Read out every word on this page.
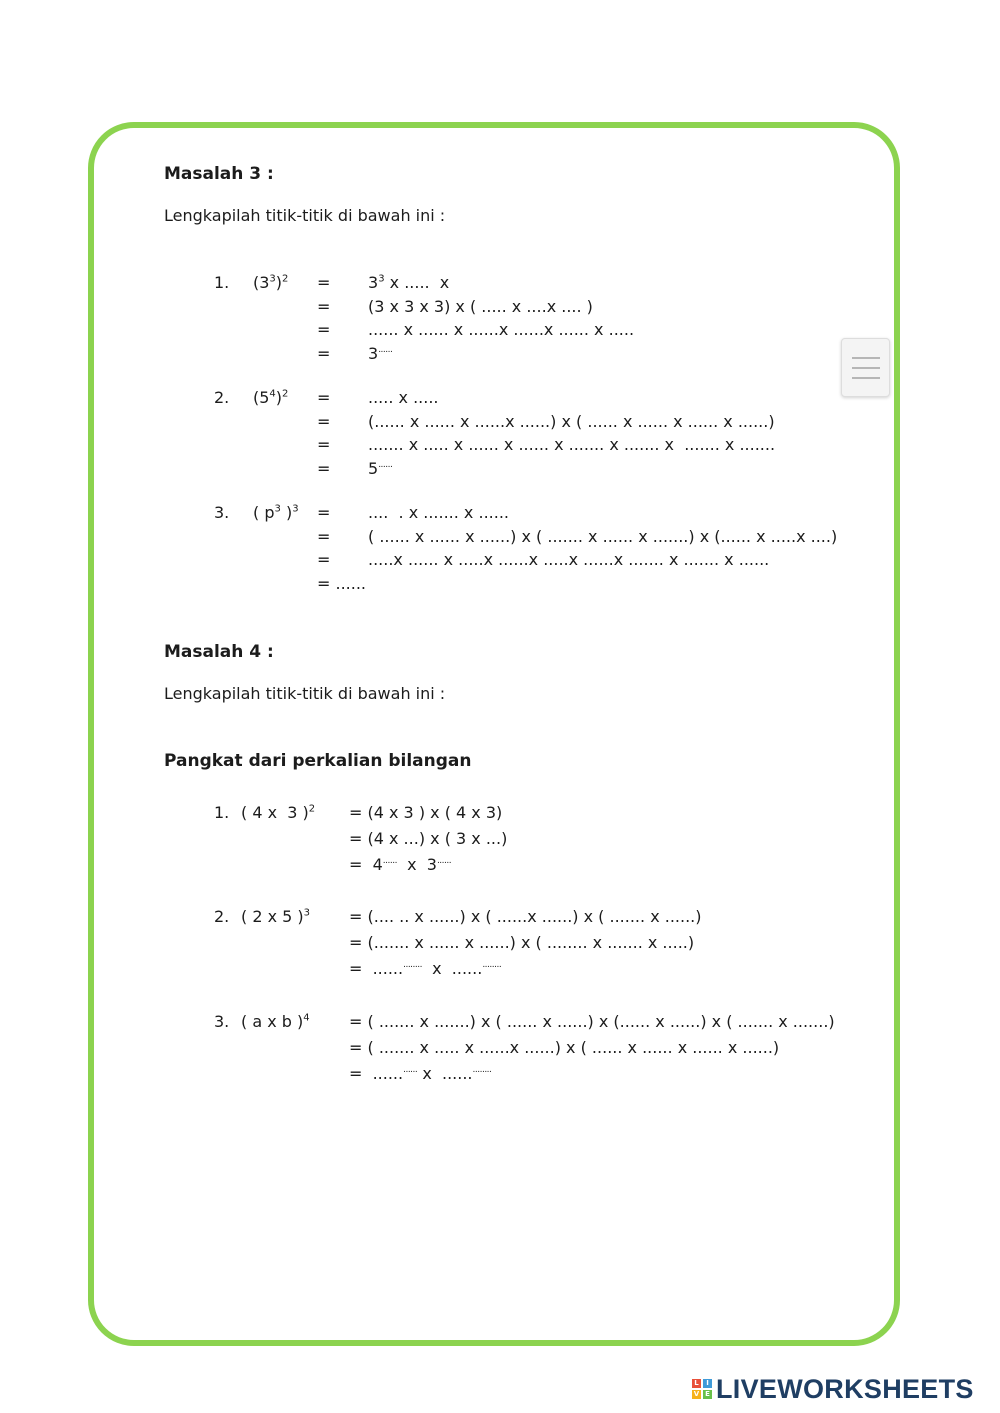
Masalah 3 :
Lengkapilah titik-titik di bawah ini :
1. $(3^3)^2 = 3^3$ x .....  x
= (3 x 3 x 3) x ( ..... x ....x .... )
= ...... x ...... x ......x ......x ...... x .....
= 3......
2. $(5^4)^2$ = ..... x .....
= (...... x ...... x ......x ......) x ( ...... x ...... x ...... x ......)
= ....... x ..... x ...... x ...... x ....... x ....... x  ....... x .......
= 5......
3. ( $p^3$ )$^3$ = ....  . x ....... x ......
= ( ...... x ...... x ......) x ( ....... x ...... x .......) x (...... x .....x ....)
= .....x ...... x .....x ......x .....x ......x ....... x ....... x ......
= ......
Masalah 4 :
Lengkapilah titik-titik di bawah ini :
Pangkat dari perkalian bilangan
1. ( 4 x  3 )$^2$ = (4 x 3 ) x ( 4 x 3)
= (4 x ...) x ( 3 x ...)
=  4......  x  3......
2. ( 2 x 5 )$^3$ = (.... .. x ......) x ( ......x ......) x ( ....... x ......)
= (....... x ...... x ......) x ( ........ x ....... x .....)
=  ..............  x  ..............
3. ( a x b )$^4$ = ( ....... x .......) x ( ...... x ......) x (...... x ......) x ( ....... x .......)
= ( ....... x ..... x ......x ......) x ( ...... x ...... x ...... x ......)
=  ............ x  ..............
L	I
V E LIVEWORKSHEETS
